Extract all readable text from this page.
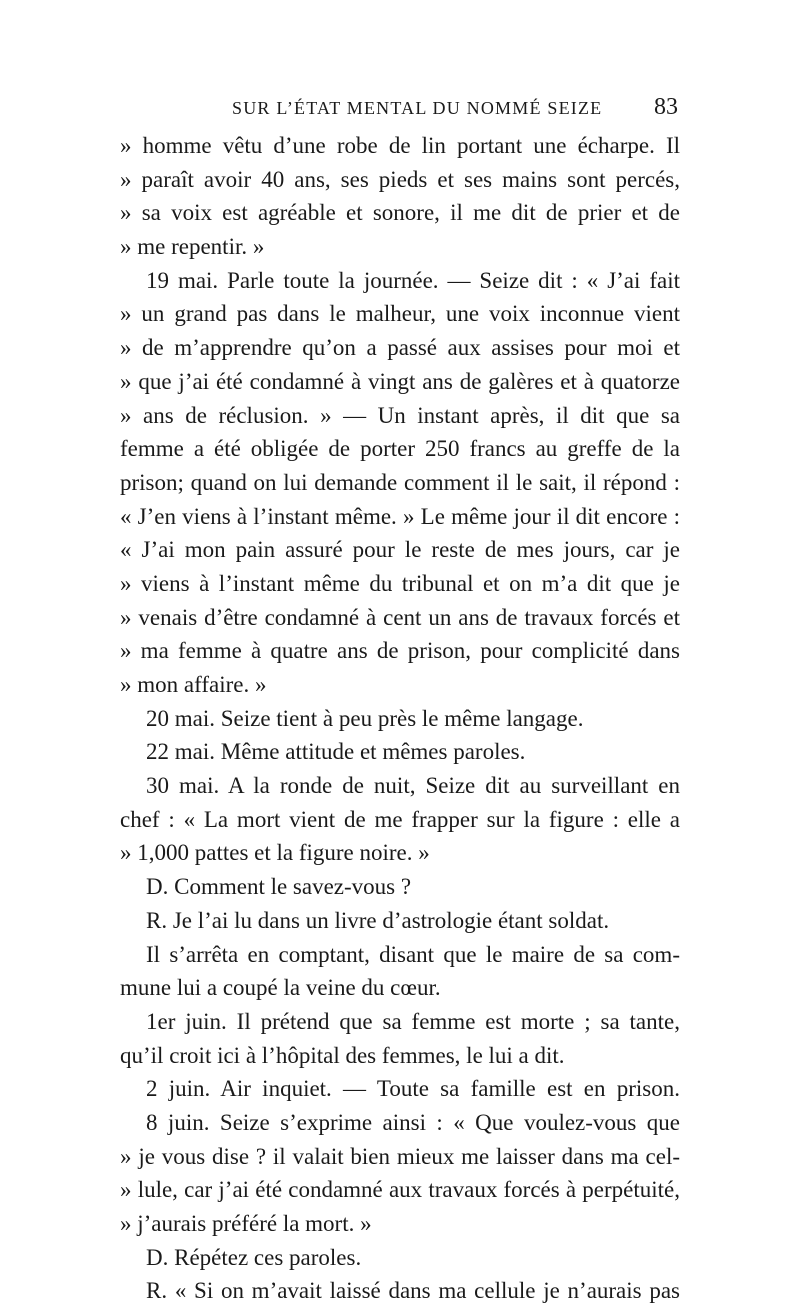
SUR L’ÉTAT MENTAL DU NOMMÉ SEIZE 83
» homme vêtu d’une robe de lin portant une écharpe. Il
» paraît avoir 40 ans, ses pieds et ses mains sont percés,
» sa voix est agréable et sonore, il me dit de prier et de
» me repentir. »
19 mai. Parle toute la journée. — Seize dit : « J’ai fait
» un grand pas dans le malheur, une voix inconnue vient
» de m’apprendre qu’on a passé aux assises pour moi et
» que j’ai été condamné à vingt ans de galères et à quatorze
» ans de réclusion. » — Un instant après, il dit que sa
femme a été obligée de porter 250 francs au greffe de la
prison; quand on lui demande comment il le sait, il répond :
« J’en viens à l’instant même. » Le même jour il dit encore :
« J’ai mon pain assuré pour le reste de mes jours, car je
» viens à l’instant même du tribunal et on m’a dit que je
» venais d’être condamné à cent un ans de travaux forcés et
» ma femme à quatre ans de prison, pour complicité dans
» mon affaire. »
20 mai. Seize tient à peu près le même langage.
22 mai. Même attitude et mêmes paroles.
30 mai. A la ronde de nuit, Seize dit au surveillant en
chef : « La mort vient de me frapper sur la figure : elle a
» 1,000 pattes et la figure noire. »
D. Comment le savez-vous ?
R. Je l’ai lu dans un livre d’astrologie étant soldat.
Il s’arrêta en comptant, disant que le maire de sa com-
mune lui a coupé la veine du cœur.
1er juin. Il prétend que sa femme est morte ; sa tante,
qu’il croit ici à l’hôpital des femmes, le lui a dit.
2 juin. Air inquiet. — Toute sa famille est en prison.
8 juin. Seize s’exprime ainsi : « Que voulez-vous que
» je vous dise ? il valait bien mieux me laisser dans ma cel-
» lule, car j’ai été condamné aux travaux forcés à perpétuité,
» j’aurais préféré la mort. »
D. Répétez ces paroles.
R. « Si on m’avait laissé dans ma cellule je n’aurais pas
